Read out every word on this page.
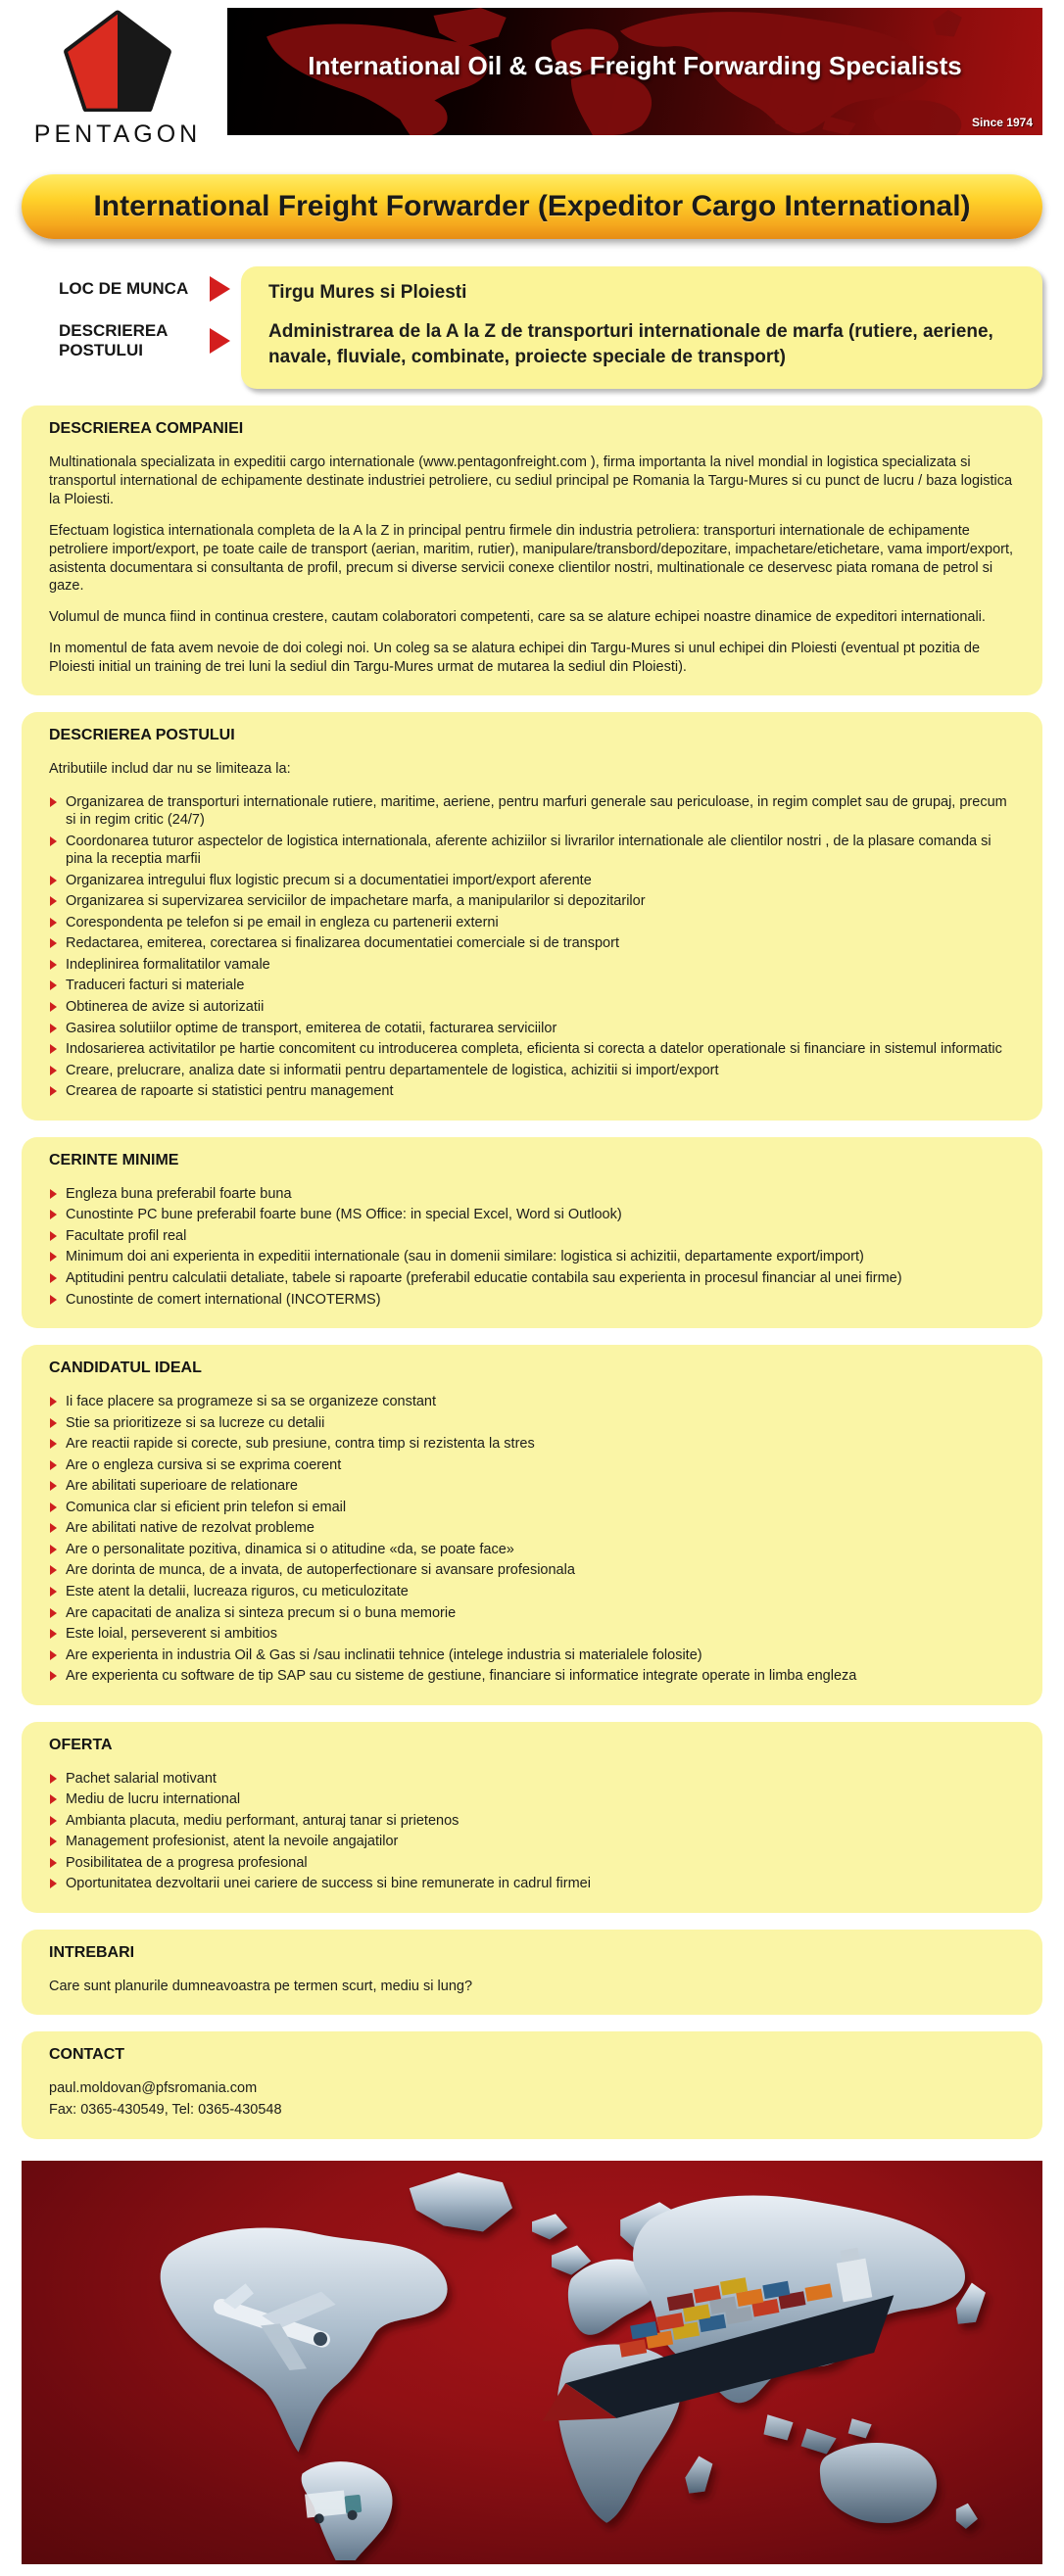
PENTAGON
International Oil & Gas Freight Forwarding Specialists
Since 1974
International Freight Forwarder (Expeditor Cargo International)
LOC DE MUNCA
DESCRIEREA POSTULUI

Tirgu Mures si Ploiesti

Administrarea de la A la Z de transporturi internationale de marfa (rutiere, aeriene, navale, fluviale, combinate, proiecte speciale de transport)

DESCRIEREA COMPANIEI

Multinationala specializata in expeditii cargo internationale (www.pentagonfreight.com ), firma importanta la nivel mondial in logistica specializata si transportul international de echipamente destinate industriei petroliere, cu sediul principal pe Romania la Targu-Mures si cu punct de lucru / baza logistica la Ploiesti.

Efectuam logistica internationala completa de la A la Z in principal pentru firmele din industria petroliera: transporturi internationale de echipamente petroliere import/export, pe toate caile de transport (aerian, maritim, rutier), manipulare/transbord/depozitare, impachetare/etichetare, vama import/export, asistenta documentara si consultanta de profil, precum si diverse servicii conexe clientilor nostri, multinationale ce deservesc piata romana de petrol si gaze.

Volumul de munca fiind in continua crestere, cautam colaboratori competenti, care sa se alature echipei noastre dinamice de expeditori internationali.

In momentul de fata avem nevoie de doi colegi noi. Un coleg sa se alatura echipei din Targu-Mures si unul echipei din Ploiesti (eventual pt pozitia de Ploiesti initial un training de trei luni la sediul din Targu-Mures urmat de mutarea la sediul din Ploiesti).

DESCRIEREA POSTULUI

Atributiile includ dar nu se limiteaza la:

Organizarea de transporturi internationale rutiere, maritime, aeriene, pentru marfuri generale sau periculoase, in regim complet sau de grupaj, precum si in regim critic (24/7)
Coordonarea tuturor aspectelor de logistica internationala, aferente achiziilor si livrarilor internationale ale clientilor nostri , de la plasare comanda si pina la receptia marfii
Organizarea intregului flux logistic precum si a documentatiei import/export aferente
Organizarea si supervizarea serviciilor de impachetare marfa, a manipularilor si depozitarilor
Corespondenta pe telefon si pe email in engleza cu partenerii externi
Redactarea, emiterea, corectarea si finalizarea documentatiei comerciale si de transport
Indeplinirea formalitatilor vamale
Traduceri facturi si materiale
Obtinerea de avize si autorizatii
Gasirea solutiilor optime de transport, emiterea de cotatii, facturarea serviciilor
Indosarierea activitatilor pe hartie concomitent cu introducerea completa, eficienta si corecta a datelor operationale si financiare in sistemul informatic
Creare, prelucrare, analiza date si informatii pentru departamentele de logistica, achizitii si import/export
Crearea de rapoarte si statistici pentru management
CERINTE MINIME
Engleza buna preferabil foarte buna
Cunostinte PC bune preferabil foarte bune (MS Office: in special Excel, Word si Outlook)
Facultate profil real
Minimum doi ani experienta in expeditii internationale (sau in domenii similare: logistica si achizitii, departamente export/import)
Aptitudini pentru calculatii detaliate, tabele si rapoarte (preferabil educatie contabila sau experienta in procesul financiar al unei firme)
Cunostinte de comert international (INCOTERMS)
CANDIDATUL IDEAL
Ii face placere sa programeze si sa se organizeze constant
Stie sa prioritizeze si sa lucreze cu detalii
Are reactii rapide si corecte, sub presiune, contra timp si rezistenta la stres
Are o engleza cursiva si se exprima coerent
Are abilitati superioare de relationare
Comunica clar si eficient prin telefon si email
Are abilitati native de rezolvat probleme
Are o personalitate pozitiva, dinamica si o atitudine «da, se poate face»
Are dorinta de munca, de a invata, de autoperfectionare si avansare profesionala
Este atent la detalii, lucreaza riguros, cu meticulozitate
Are capacitati de analiza si sinteza precum si o buna memorie
Este loial, perseverent si ambitios
Are experienta in industria Oil & Gas si /sau inclinatii tehnice (intelege industria si materialele folosite)
Are experienta cu software de tip SAP sau cu sisteme de gestiune, financiare si informatice integrate operate in limba engleza
OFERTA
Pachet salarial motivant
Mediu de lucru international
Ambianta placuta, mediu performant, anturaj tanar si prietenos
Management profesionist, atent la nevoile angajatilor
Posibilitatea de a progresa profesional
Oportunitatea dezvoltarii unei cariere de success si bine remunerate in cadrul firmei
INTREBARI

Care sunt planurile dumneavoastra pe termen scurt, mediu si lung?

CONTACT

paul.moldovan@pfsromania.com

Fax: 0365-430549, Tel: 0365-430548
